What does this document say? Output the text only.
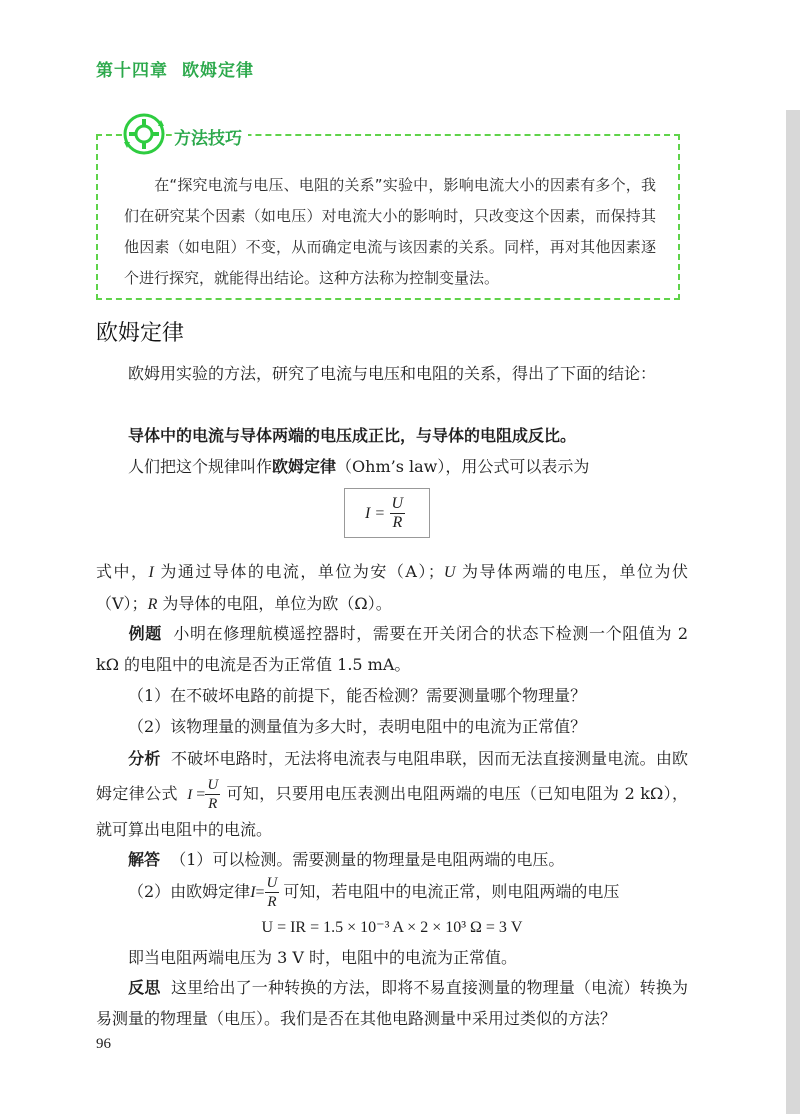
第十四章 欧姆定律
方法技巧
在“探究电流与电压、电阻的关系”实验中，影响电流大小的因素有多个，我们在研究某个因素（如电压）对电流大小的影响时，只改变这个因素，而保持其他因素（如电阻）不变，从而确定电流与该因素的关系。同样，再对其他因素逐个进行探究，就能得出结论。这种方法称为控制变量法。
欧姆定律
欧姆用实验的方法，研究了电流与电压和电阻的关系，得出了下面的结论：
导体中的电流与导体两端的电压成正比，与导体的电阻成反比。
人们把这个规律叫作欧姆定律（Ohm’s law），用公式可以表示为
$I = \frac{U}{R}$
式中，I 为通过导体的电流，单位为安（A）；U 为导体两端的电压，单位为伏（V）；R 为导体的电阻，单位为欧（Ω）。
例题 小明在修理航模遥控器时，需要在开关闭合的状态下检测一个阻值为 2 kΩ 的电阻中的电流是否为正常值 1.5 mA。
（1）在不破坏电路的前提下，能否检测？需要测量哪个物理量？
（2）该物理量的测量值为多大时，表明电阻中的电流为正常值？
分析 不破坏电路时，无法将电流表与电阻串联，因而无法直接测量电流。由欧姆定律公式 $I = \frac{U}{R}$ 可知，只要用电压表测出电阻两端的电压（已知电阻为 2 kΩ），就可算出电阻中的电流。
解答 （1）可以检测。需要测量的物理量是电阻两端的电压。
（2）由欧姆定律$I= \frac{U}{R}$ 可知，若电阻中的电流正常，则电阻两端的电压
U = IR = 1.5 × 10⁻³ A × 2 × 10³ Ω = 3 V
即当电阻两端电压为 3 V 时，电阻中的电流为正常值。
反思 这里给出了一种转换的方法，即将不易直接测量的物理量（电流）转换为易测量的物理量（电压）。我们是否在其他电路测量中采用过类似的方法？
96
